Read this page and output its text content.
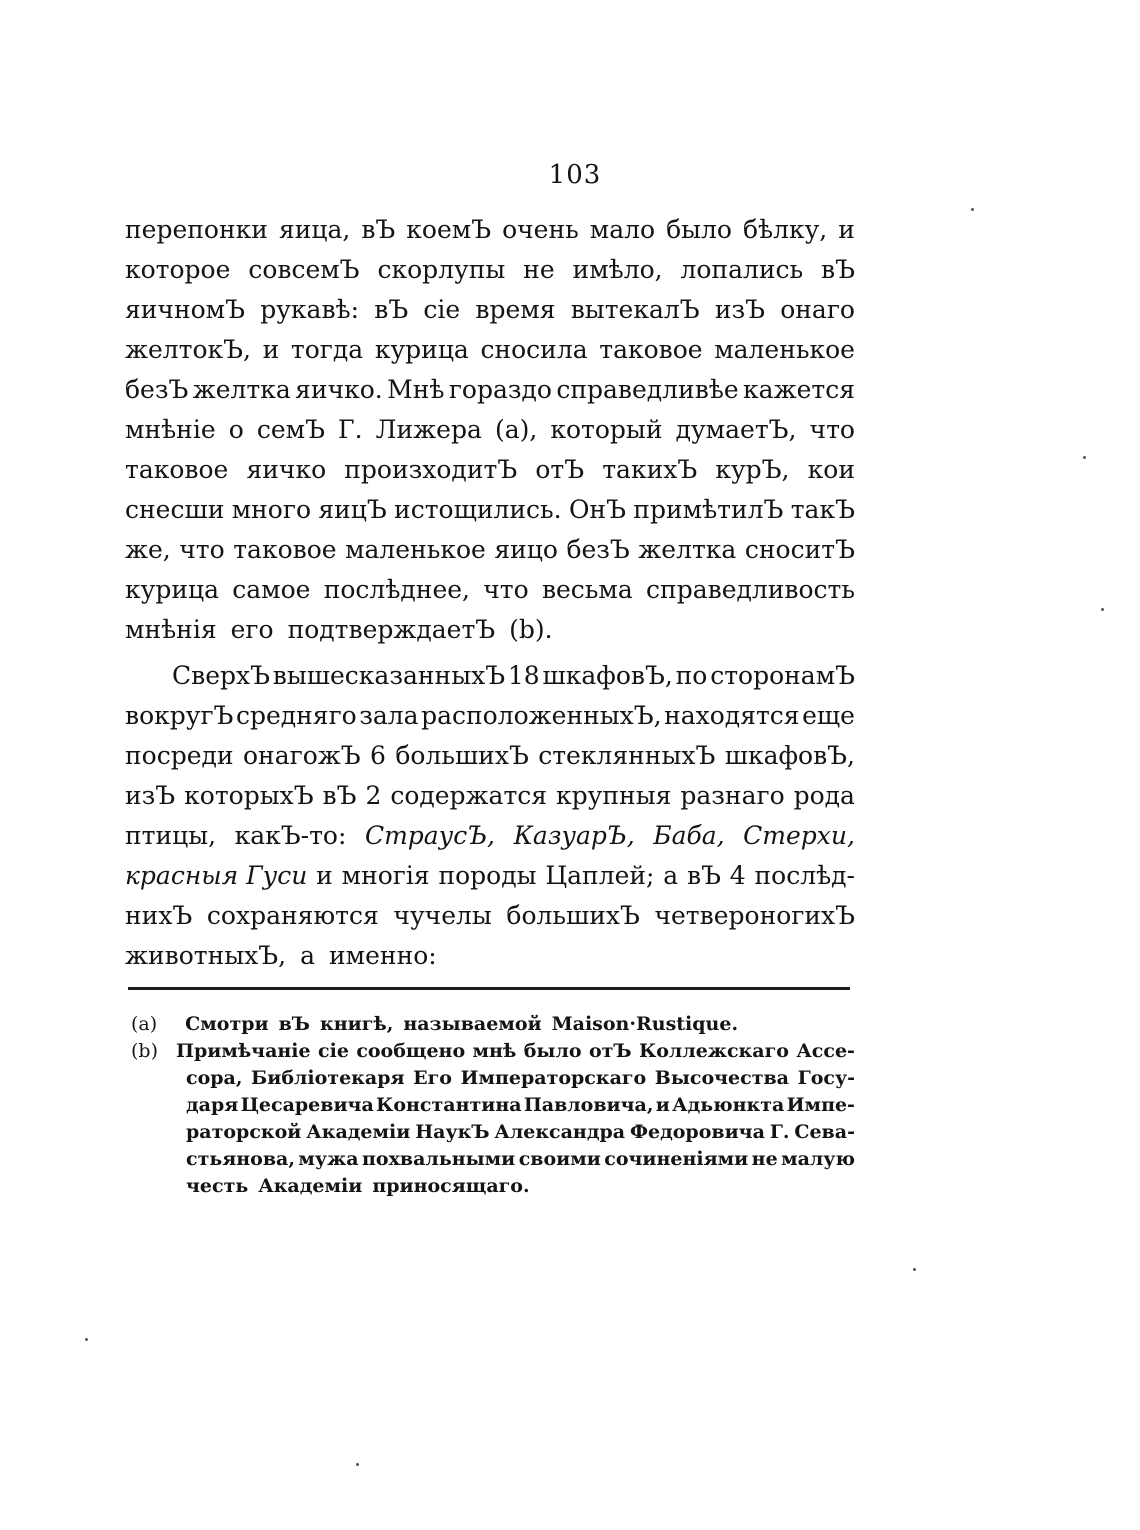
103
перепонки яица, вЪ коемЪ очень мало было бѣлку, и
которое совсемЪ скорлупы не имѣло, лопались вЪ
яичномЪ рукавѣ: вЪ сіе время вытекалЪ изЪ онаго
желтокЪ, и тогда курица сносила таковое маленькое
безЪ желтка яичко. Мнѣ гораздо справедливѣе кажется
мнѣніе о семЪ Г. Лижера (a), который думаетЪ, что
таковое яичко произходитЪ отЪ такихЪ курЪ, кои
снесши много яицЪ истощились. ОнЪ примѣтилЪ такЪ
же, что таковое маленькое яицо безЪ желтка сноситЪ
курица самое послѣднее, что весьма справедливость
мнѣнія его подтверждаетЪ (b).
СверхЪ вышесказанныхЪ 18 шкафовЪ, по сторонамЪ
вокругЪ средняго зала расположенныхЪ, находятся еще
посреди онагожЪ 6 большихЪ стеклянныхЪ шкафовЪ,
изЪ которыхЪ вЪ 2 содержатся крупныя разнаго рода
птицы, какЪ-то: СтраусЪ, КазуарЪ, Баба, Стерхи,
красныя Гуси и многія породы Цаплей; а вЪ 4 послѣд-
нихЪ сохраняются чучелы большихЪ четвероногихЪ
животныхЪ, а именно:
(a) Смотри вЪ книгѣ, называемой Maison·Rustique.
(b) Примѣчаніе сіе сообщено мнѣ было отЪ Коллежскаго Ассе-
сора, Библіотекаря Его Императорскаго Высочества Госу-
даря Цесаревича Константина Павловича, и Адьюнкта Импе-
раторской Академіи НаукЪ Александра Федоровича Г. Сева-
стьянова, мужа похвальными своими сочиненіями не малую
честь Академіи приносящаго.
